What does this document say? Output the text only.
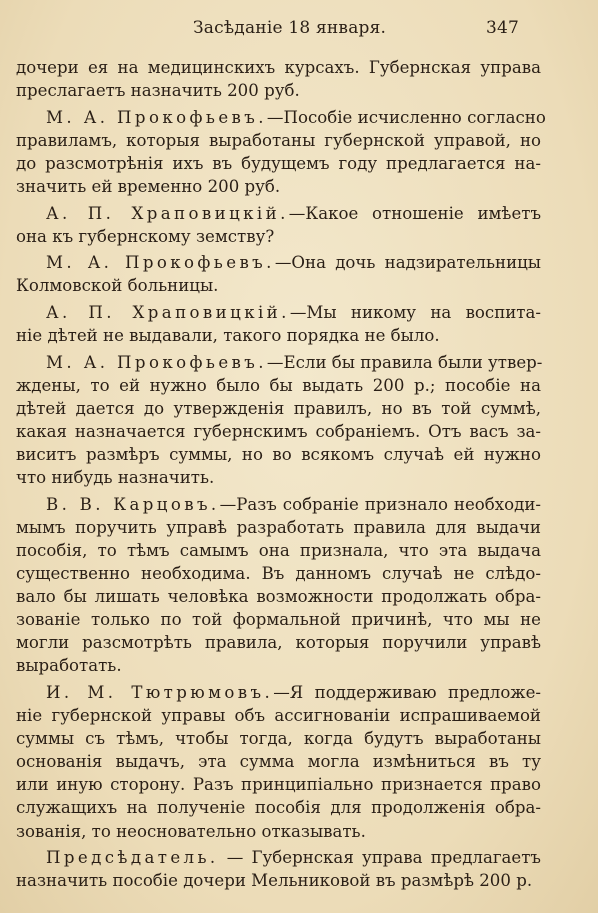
Засѣданіе 18 января.	347
дочери ея на медицинскихъ курсахъ. Губернская управа
преслагаетъ назначить 200 руб.
М. А. Прокофьевъ.—Пособіе исчисленно согласно
правиламъ, которыя выработаны губернской управой, но
до разсмотрѣнія ихъ въ будущемъ году предлагается на-
значить ей временно 200 руб.
А. П. Храповицкій.—Какое отношеніе имѣетъ
она къ губернскому земству?
М. А. Прокофьевъ.—Она дочь надзирательницы
Колмовской больницы.
А. П. Храповицкій.—Мы никому на воспита-
ніе дѣтей не выдавали, такого порядка не было.
М. А. Прокофьевъ.—Если бы правила были утвер-
ждены, то ей нужно было бы выдать 200 р.; пособіе на
дѣтей дается до утвержденія правилъ, но въ той суммѣ,
какая назначается губернскимъ собраніемъ. Отъ васъ за-
виситъ размѣръ суммы, но во всякомъ случаѣ ей нужно
что нибудь назначить.
В. В. Карцовъ.—Разъ собраніе признало необходи-
мымъ поручить управѣ разработать правила для выдачи
пособія, то тѣмъ самымъ она признала, что эта выдача
существенно необходима. Въ данномъ случаѣ не слѣдо-
вало бы лишать человѣка возможности продолжать обра-
зованіе только по той формальной причинѣ, что мы не
могли разсмотрѣть правила, которыя поручили управѣ
выработать.
И. М. Тютрюмовъ.—Я поддерживаю предложе-
ніе губернской управы объ ассигнованіи испрашиваемой
суммы съ тѣмъ, чтобы тогда, когда будутъ выработаны
основанія выдачъ, эта сумма могла измѣниться въ ту
или иную сторону. Разъ принципіально признается право
служащихъ на полученіе пособія для продолженія обра-
зованія, то неосновательно отказывать.
Предсѣдатель. — Губернская управа предлагаетъ
назначить пособіе дочери Мельниковой въ размѣрѣ 200 р.
